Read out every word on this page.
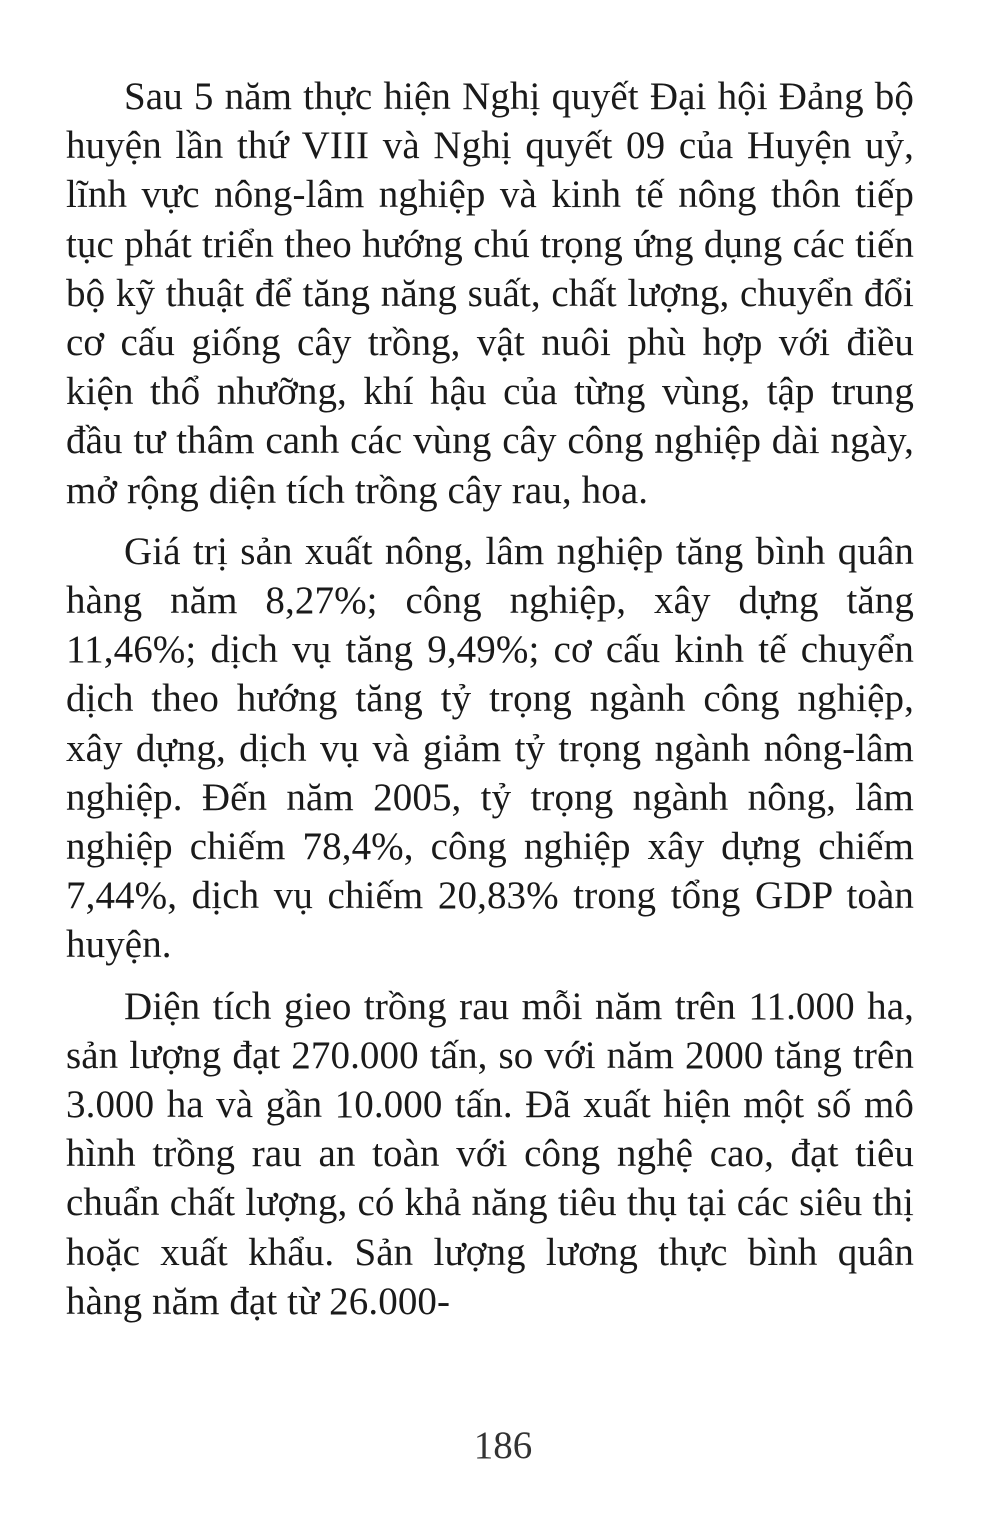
Sau 5 năm thực hiện Nghị quyết Đại hội Đảng bộ huyện lần thứ VIII và Nghị quyết 09 của Huyện uỷ, lĩnh vực nông-lâm nghiệp và kinh tế nông thôn tiếp tục phát triển theo hướng chú trọng ứng dụng các tiến bộ kỹ thuật để tăng năng suất, chất lượng, chuyển đổi cơ cấu giống cây trồng, vật nuôi phù hợp với điều kiện thổ nhưỡng, khí hậu của từng vùng, tập trung đầu tư thâm canh các vùng cây công nghiệp dài ngày, mở rộng diện tích trồng cây rau, hoa.

Giá trị sản xuất nông, lâm nghiệp tăng bình quân hàng năm 8,27%; công nghiệp, xây dựng tăng 11,46%; dịch vụ tăng 9,49%; cơ cấu kinh tế chuyển dịch theo hướng tăng tỷ trọng ngành công nghiệp, xây dựng, dịch vụ và giảm tỷ trọng ngành nông-lâm nghiệp. Đến năm 2005, tỷ trọng ngành nông, lâm nghiệp chiếm 78,4%, công nghiệp xây dựng chiếm 7,44%, dịch vụ chiếm 20,83% trong tổng GDP toàn huyện.

Diện tích gieo trồng rau mỗi năm trên 11.000 ha, sản lượng đạt 270.000 tấn, so với năm 2000 tăng trên 3.000 ha và gần 10.000 tấn. Đã xuất hiện một số mô hình trồng rau an toàn với công nghệ cao, đạt tiêu chuẩn chất lượng, có khả năng tiêu thụ tại các siêu thị hoặc xuất khẩu. Sản lượng lương thực bình quân hàng năm đạt từ 26.000-

186
